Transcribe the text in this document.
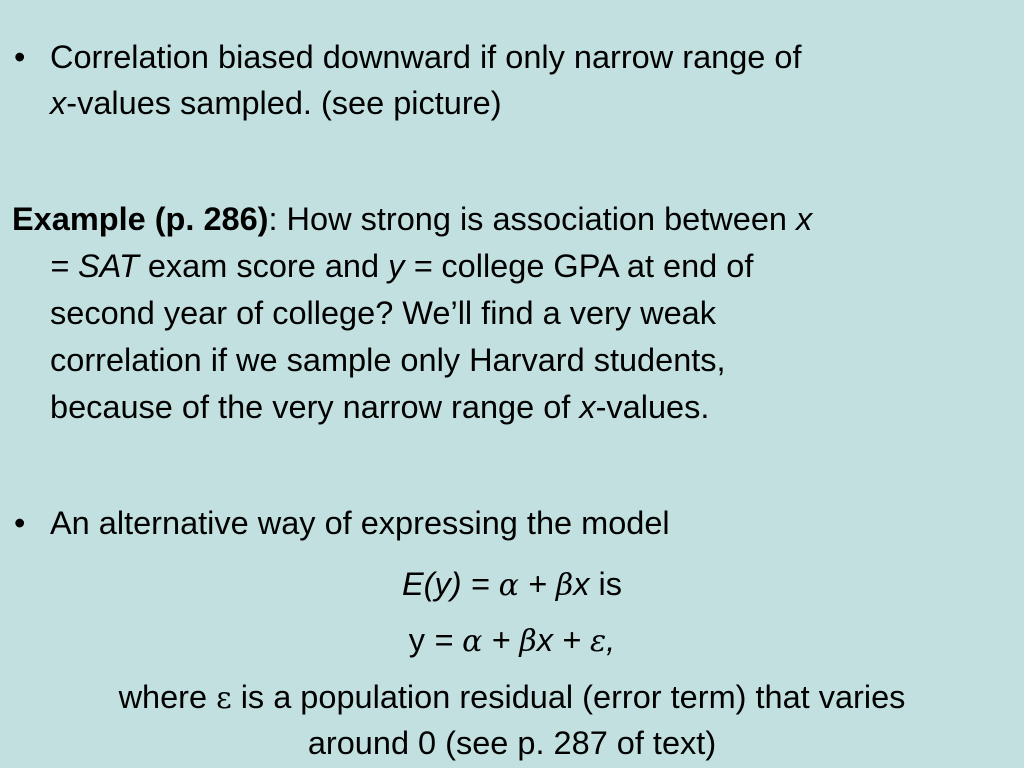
• Correlation biased downward if only narrow range of
x-values sampled. (see picture)
Example (p. 286): How strong is association between x
= SAT exam score and y = college GPA at end of
second year of college? We’ll find a very weak
correlation if we sample only Harvard students,
because of the very narrow range of x-values.
• An alternative way of expressing the model
E(y) = α + βx is
y = α + βx + ε,
where ε is a population residual (error term) that varies
around 0 (see p. 287 of text)
